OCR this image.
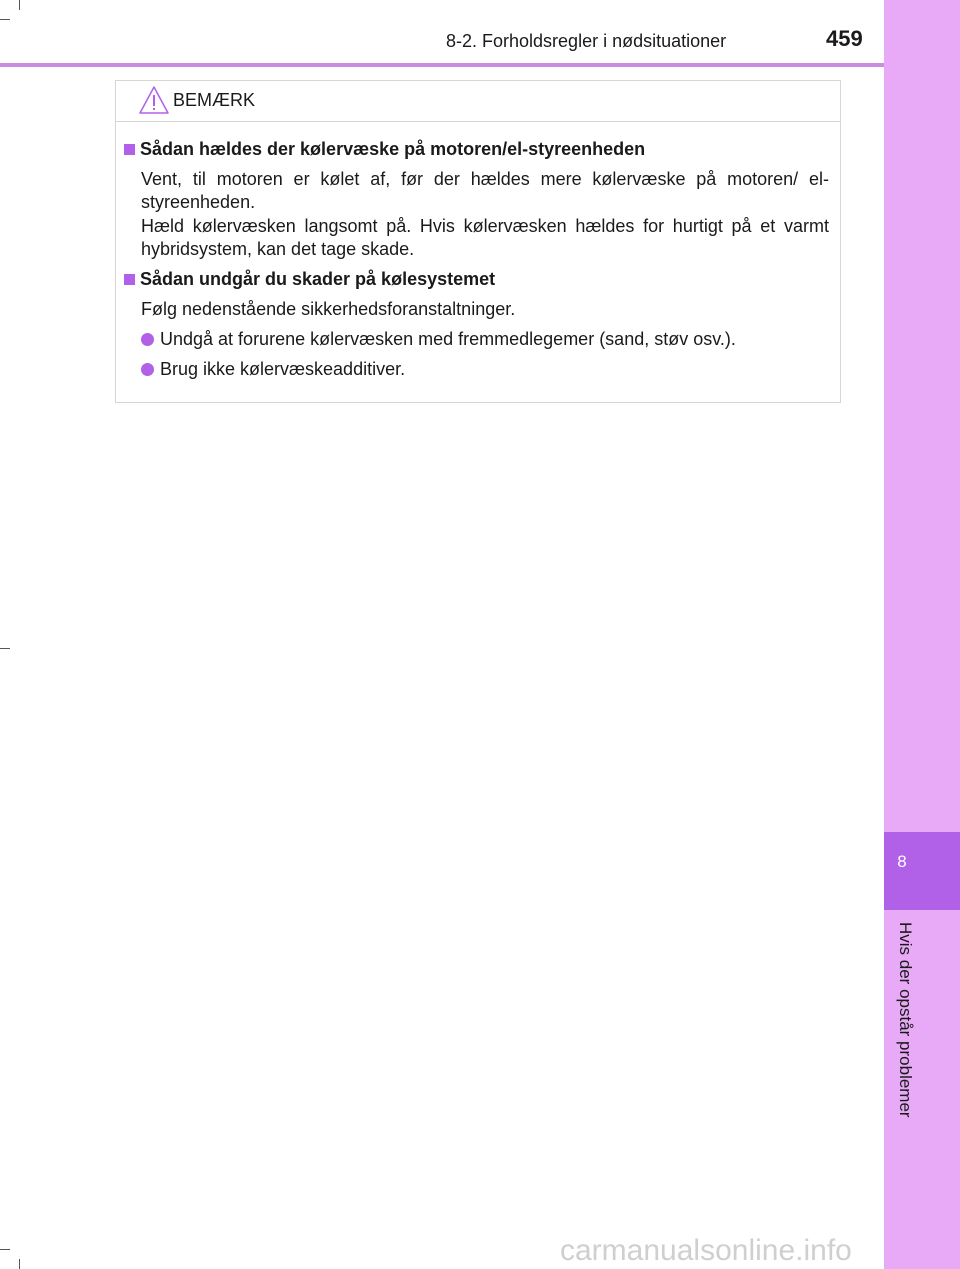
8
Hvis der opstår problemer
8-2. Forholdsregler i nødsituationer	459
BEMÆRK
Sådan hældes der kølervæske på motoren/el-styreenheden
Vent, til motoren er kølet af, før der hældes mere kølervæske på motoren/ el-styreenheden.
Hæld kølervæsken langsomt på. Hvis kølervæsken hældes for hurtigt på et varmt hybridsystem, kan det tage skade.
Sådan undgår du skader på kølesystemet
Følg nedenstående sikkerhedsforanstaltninger.
Undgå at forurene kølervæsken med fremmedlegemer (sand, støv osv.).
Brug ikke kølervæskeadditiver.
carmanualsonline.info
